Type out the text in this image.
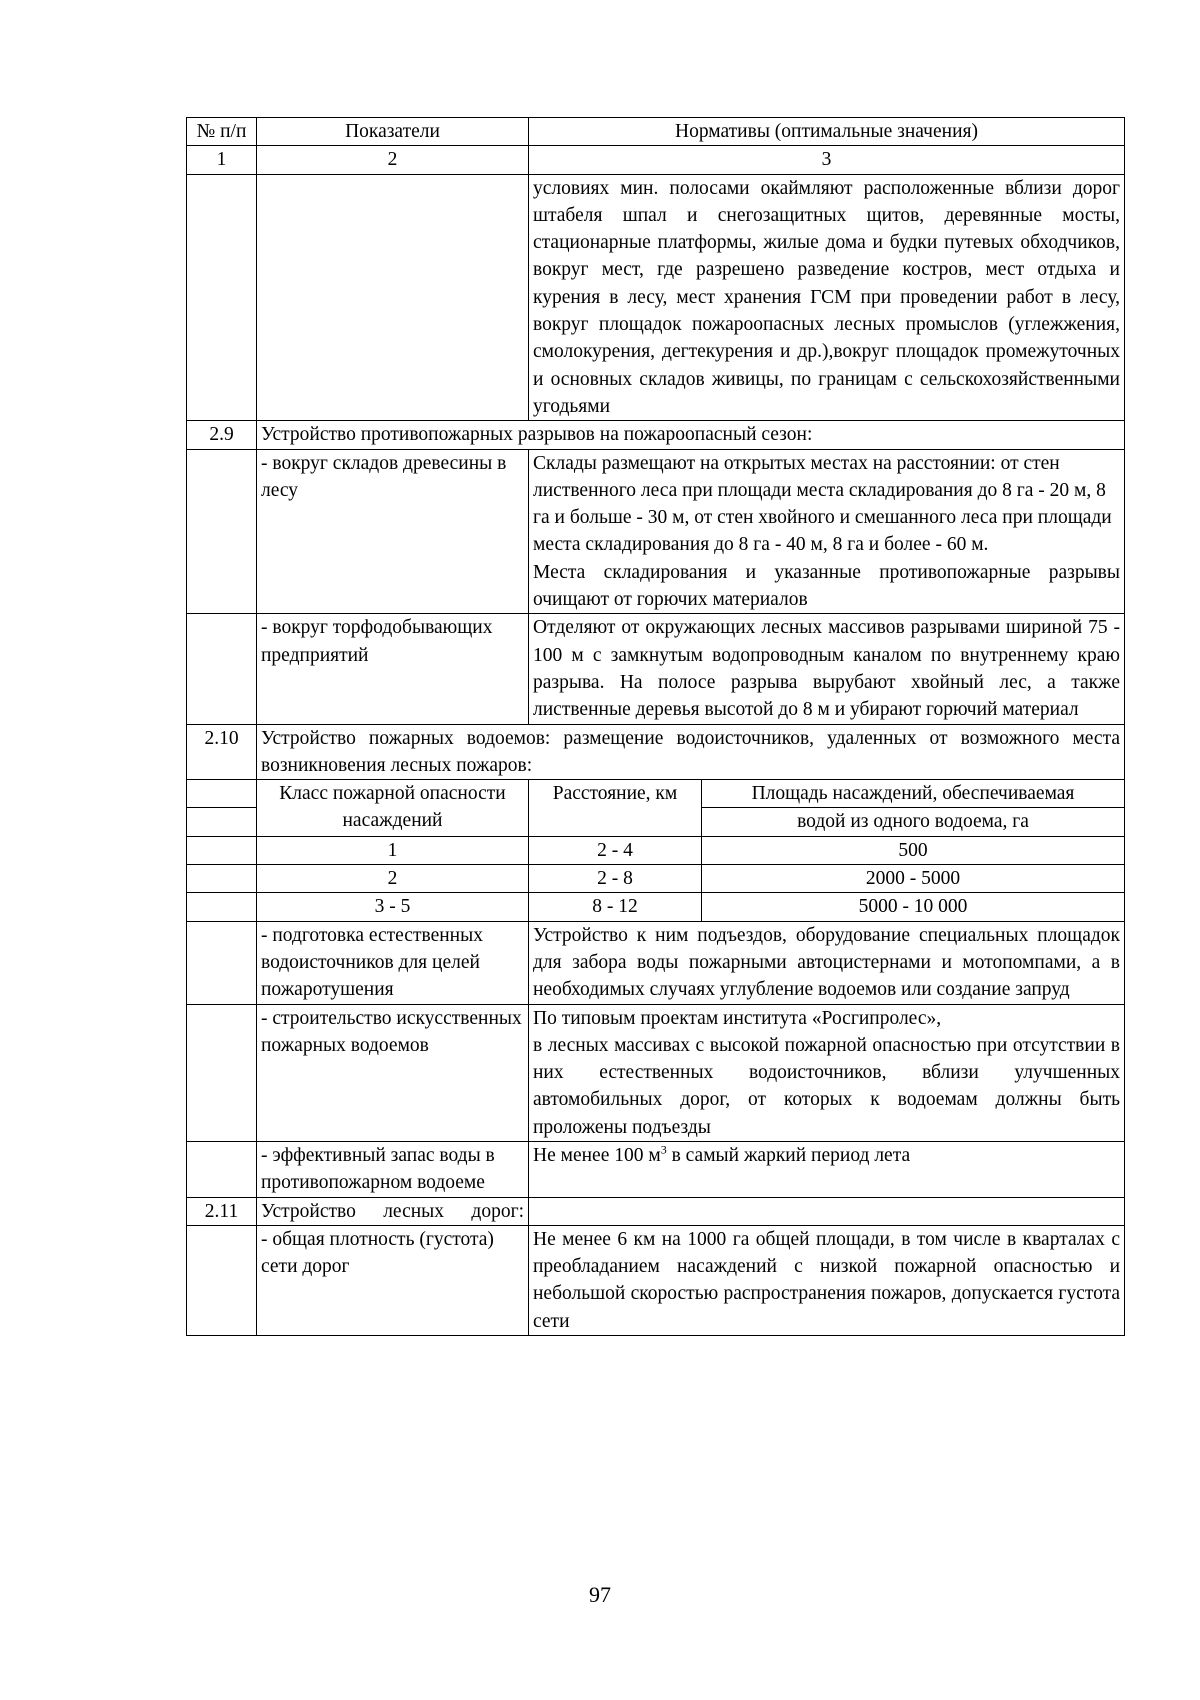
№ п/п	Показатели	Нормативы (оптимальные значения)	
1	2	3	
		условиях мин. полосами окаймляют расположенные вблизи дорог штабеля шпал и снегозащитных щитов, деревянные мосты, стационарные платформы, жилые дома и будки путевых обходчиков, вокруг мест, где разрешено разведение костров, мест отдыха и курения в лесу, мест хранения ГСМ при проведении работ в лесу, вокруг площадок пожароопасных лесных промыслов (углежжения, смолокурения, дегтекурения и др.),вокруг площадок промежуточных и основных складов живицы, по границам с сельскохозяйственными угодьями	
2.9	Устройство противопожарных разрывов на пожароопасный сезон:		
	- вокруг складов древесины в лесу	Склады размещают на открытых местах на расстоянии: от стен лиственного леса при площади места складирования до 8 га - 20 м, 8 га и больше - 30 м, от стен хвойного и смешанного леса при площади места складирования до 8 га - 40 м, 8 га и более - 60 м.
Места складирования и указанные противопожарные разрывы очищают от горючих материалов	

	- вокруг торфодобывающих предприятий	Отделяют от окружающих лесных массивов разрывами шириной 75 - 100 м с замкнутым водопроводным каналом по внутреннему краю разрыва. На полосе разрыва вырубают хвойный лес, а также лиственные деревья высотой до 8 м и убирают горючий материал	
2.10	Устройство пожарных водоемов: размещение водоисточников, удаленных от возможного места возникновения лесных пожаров:		
	Класс пожарной опасности насаждений	Расстояние, км	Площадь насаждений, обеспечиваемая
			водой из одного водоема, га
	1	2 - 4	500
	2	2 - 8	2000 - 5000
	3 - 5	8 - 12	5000 - 10 000
	- подготовка естественных водоисточников для целей пожаротушения	Устройство к ним подъездов, оборудование специальных площадок для забора воды пожарными автоцистернами и мотопомпами, а в необходимых случаях углубление водоемов или создание запруд	
	- строительство искусственных пожарных водоемов	По типовым проектам института «Росгипролес»,
в лесных массивах с высокой пожарной опасностью при отсутствии в них естественных водоисточников, вблизи улучшенных автомобильных дорог, от которых к водоемам должны быть проложены подъезды	

	- эффективный запас воды в противопожарном водоеме	Не менее 100 $м^3$ в самый жаркий период лета	
2.11	Устройство лесных дорог:		
	- общая плотность (густота) сети дорог	Не менее 6 км на 1000 га общей площади, в том числе в кварталах с преобладанием насаждений с низкой пожарной опасностью и небольшой скоростью распространения пожаров, допускается густота сети	
97
